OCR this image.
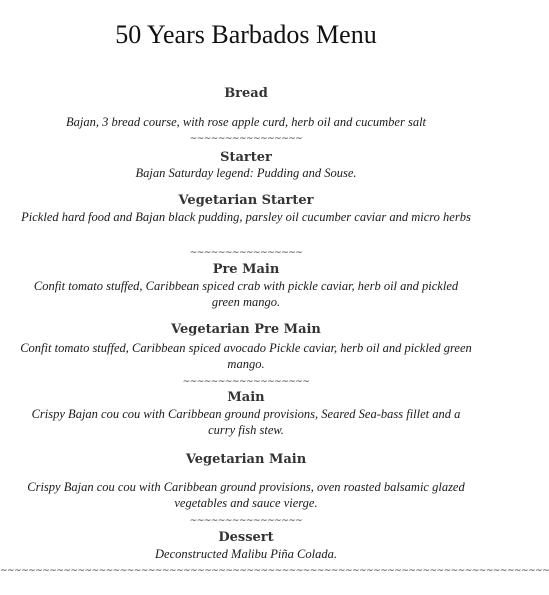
50 Years Barbados Menu
Bread
Bajan, 3 bread course, with rose apple curd, herb oil and cucumber salt
~~~~~~~~~~~~~~~~
Starter
Bajan Saturday legend: Pudding and Souse.
Vegetarian Starter
Pickled hard food and Bajan black pudding, parsley oil cucumber caviar and micro herbs
~~~~~~~~~~~~~~~~
Pre Main
Confit tomato stuffed, Caribbean spiced crab with pickle caviar, herb oil and pickled green mango.
Vegetarian Pre Main
Confit tomato stuffed, Caribbean spiced avocado Pickle caviar, herb oil and pickled green mango.
~~~~~~~~~~~~~~~~~~
Main
Crispy Bajan cou cou with Caribbean ground provisions, Seared Sea-bass fillet and a curry fish stew.
Vegetarian Main
Crispy Bajan cou cou with Caribbean ground provisions, oven roasted balsamic glazed vegetables and sauce vierge.
~~~~~~~~~~~~~~~~
Dessert
Deconstructed Malibu Piña Colada.
~~~~~~~~~~~~~~~~~~~~~~~~~~~~~~~~~~~~~~~~~~~~~~~~~~~~~~~~~~~~~~~~~~~~~~~~~~~~~~
